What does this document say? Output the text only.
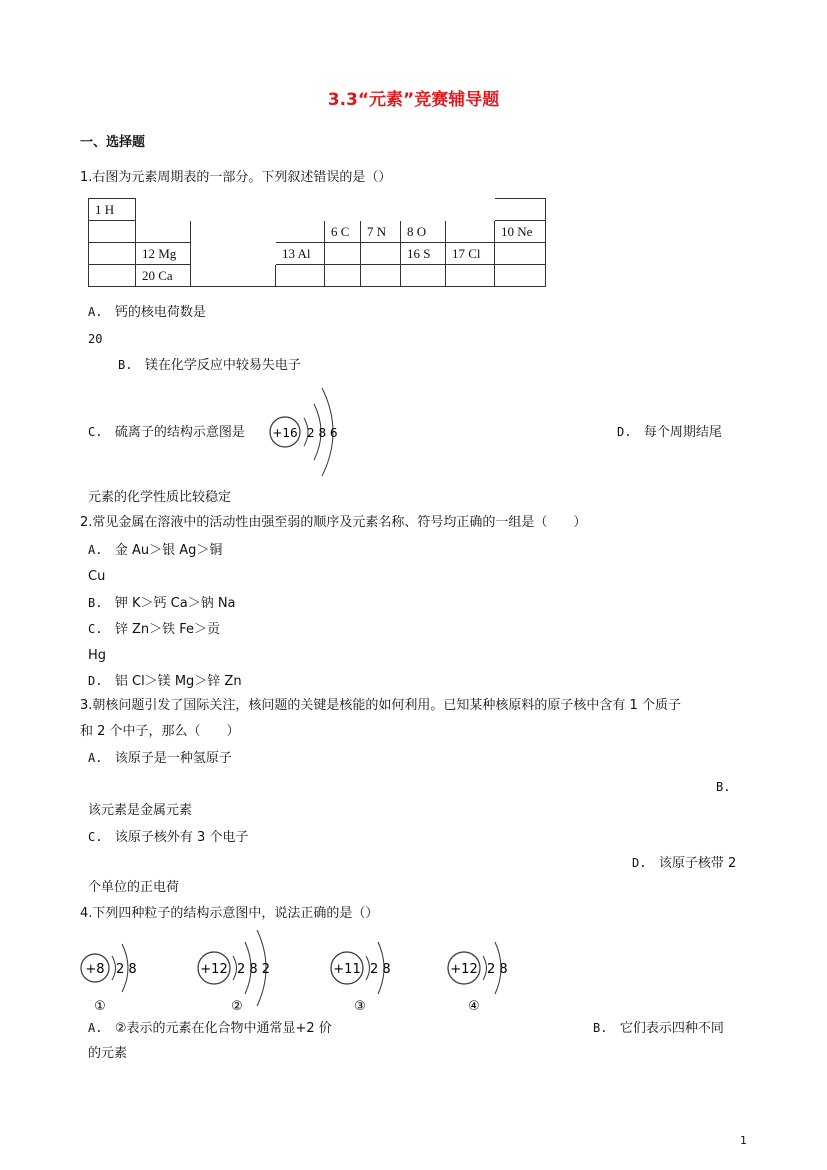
3.3“元素”竞赛辅导题
一、选择题
1.右图为元素周期表的一部分。下列叙述错误的是（）
1 H								
				6 C	7 N	8 O		10 Ne
	12 Mg		13 Al			16 S	17 Cl	
	20 Ca							
A. 钙的核电荷数是
20
B. 镁在化学反应中较易失电子
C. 硫离子的结构示意图是 +16 2 8 6	D. 每个周期结尾
元素的化学性质比较稳定
2.常见金属在溶液中的活动性由强至弱的顺序及元素名称、符号均正确的一组是（　　）
A. 金 Au＞银 Ag＞铜
Cu
B. 钾 K＞钙 Ca＞钠 Na
C. 锌 Zn＞铁 Fe＞贡
Hg
D. 铝 Cl＞镁 Mg＞锌 Zn
3.朝核问题引发了国际关注，核问题的关键是核能的如何利用。已知某种核原料的原子核中含有 1 个质子
和 2 个中子，那么（　　）
A. 该原子是一种氢原子
B.
该元素是金属元素
C. 该原子核外有 3 个电子
D. 该原子核带 2
个单位的正电荷
4.下列四种粒子的结构示意图中，说法正确的是（）
+8 2 8
①
+12 2 8 2
②
+11 2 8
③
+12 2 8
④
A. ②表示的元素在化合物中通常显+2 价	B. 它们表示四种不同
的元素
1
